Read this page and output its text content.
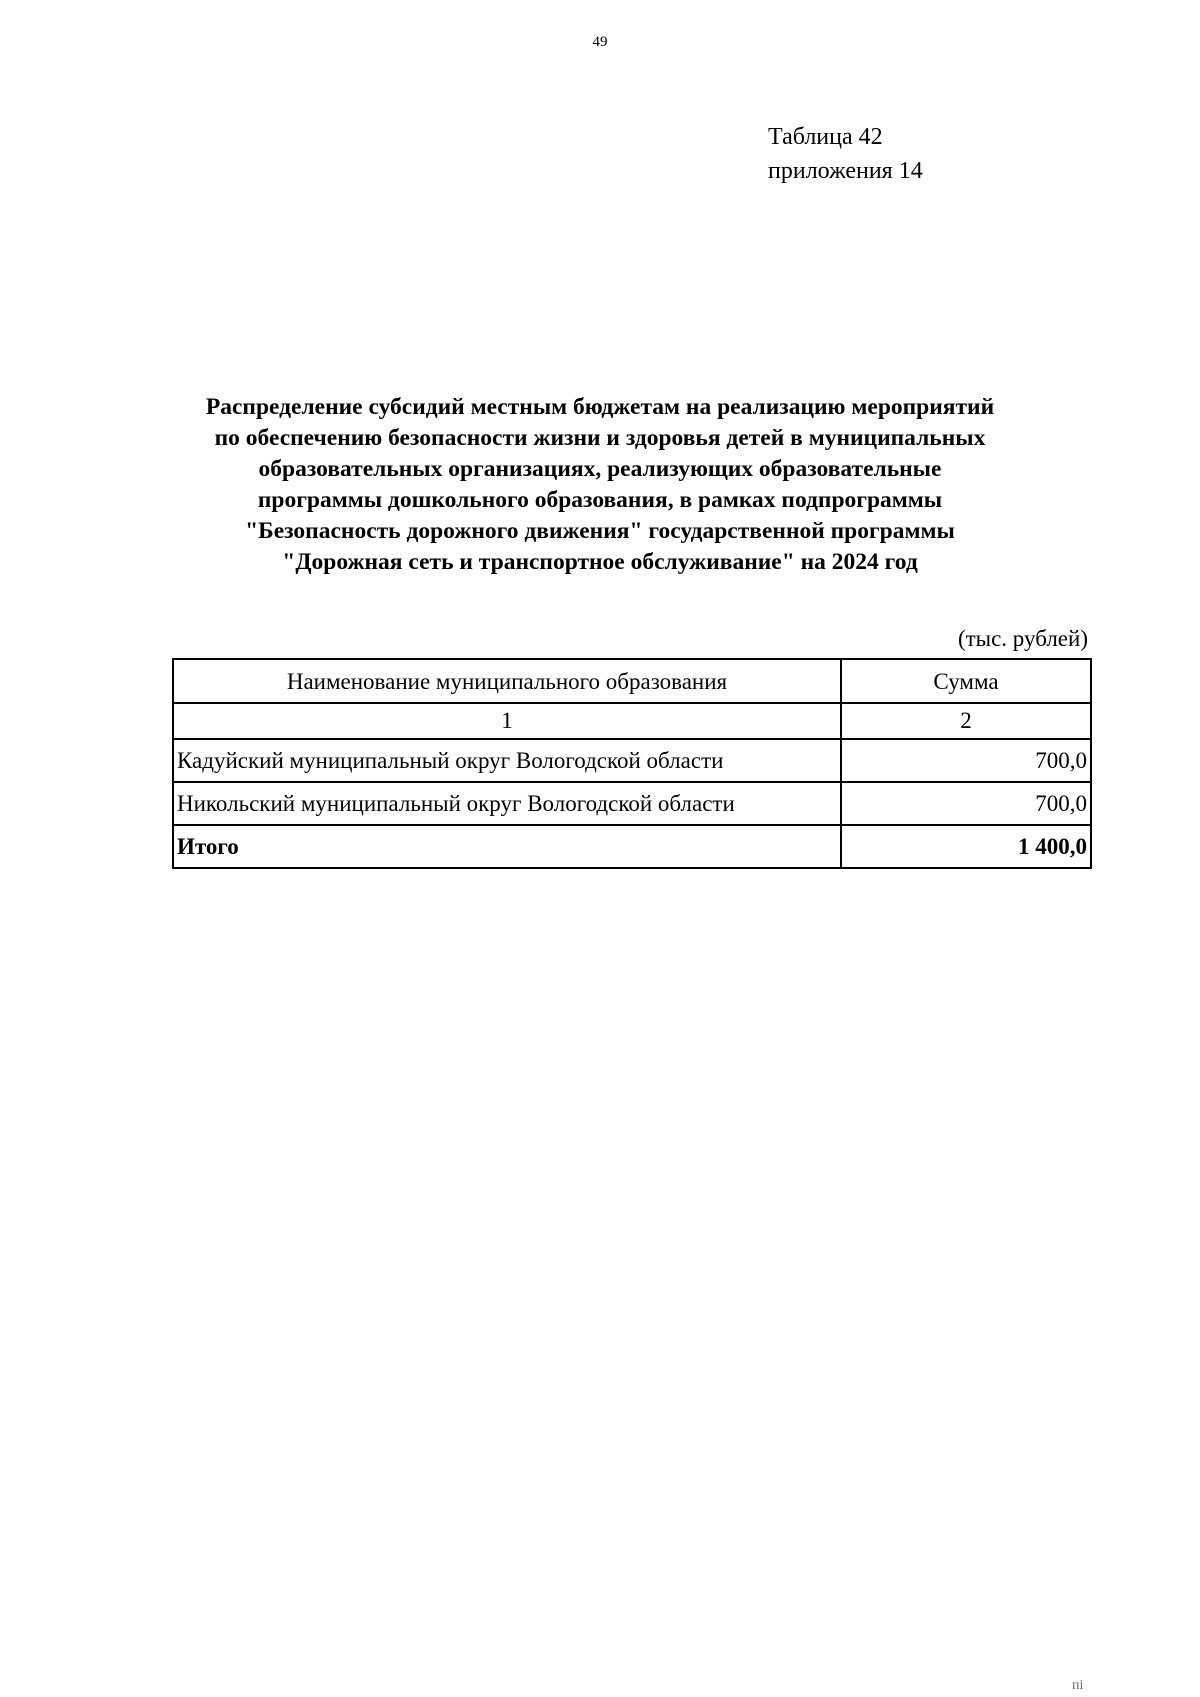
49
Таблица 42
приложения 14
Распределение субсидий местным бюджетам на реализацию мероприятий
по обеспечению безопасности жизни и здоровья детей в муниципальных
образовательных организациях, реализующих образовательные
программы дошкольного образования, в рамках подпрограммы
"Безопасность дорожного движения" государственной программы
"Дорожная сеть и транспортное обслуживание" на 2024 год
(тыс. рублей)
Наименование муниципального образования	Сумма
1	2
Кадуйский муниципальный округ Вологодской области	700,0
Никольский муниципальный округ Вологодской области	700,0
Итого	1 400,0
пі
